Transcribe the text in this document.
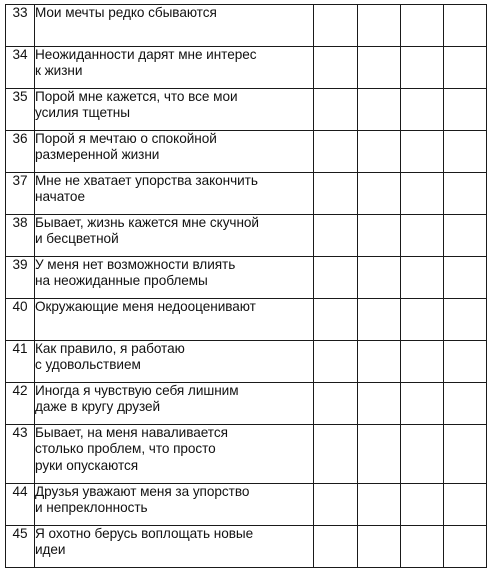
33	Мои мечты редко сбываются				

34	Неожиданности дарят мне интерес
к жизни				

35	Порой мне кажется, что все мои
усилия тщетны				

36	Порой я мечтаю о спокойной
размеренной жизни				

37	Мне не хватает упорства закончить
начатое				

38	Бывает, жизнь кажется мне скучной
и бесцветной				

39	У меня нет возможности влиять
на неожиданные проблемы				

40	Окружающие меня недооценивают				

41	Как правило, я работаю
с удовольствием				

42	Иногда я чувствую себя лишним
даже в кругу друзей				

43	Бывает, на меня наваливается
столько проблем, что просто
руки опускаются				

44	Друзья уважают меня за упорство
и непреклонность				

45	Я охотно берусь воплощать новые
идеи				
